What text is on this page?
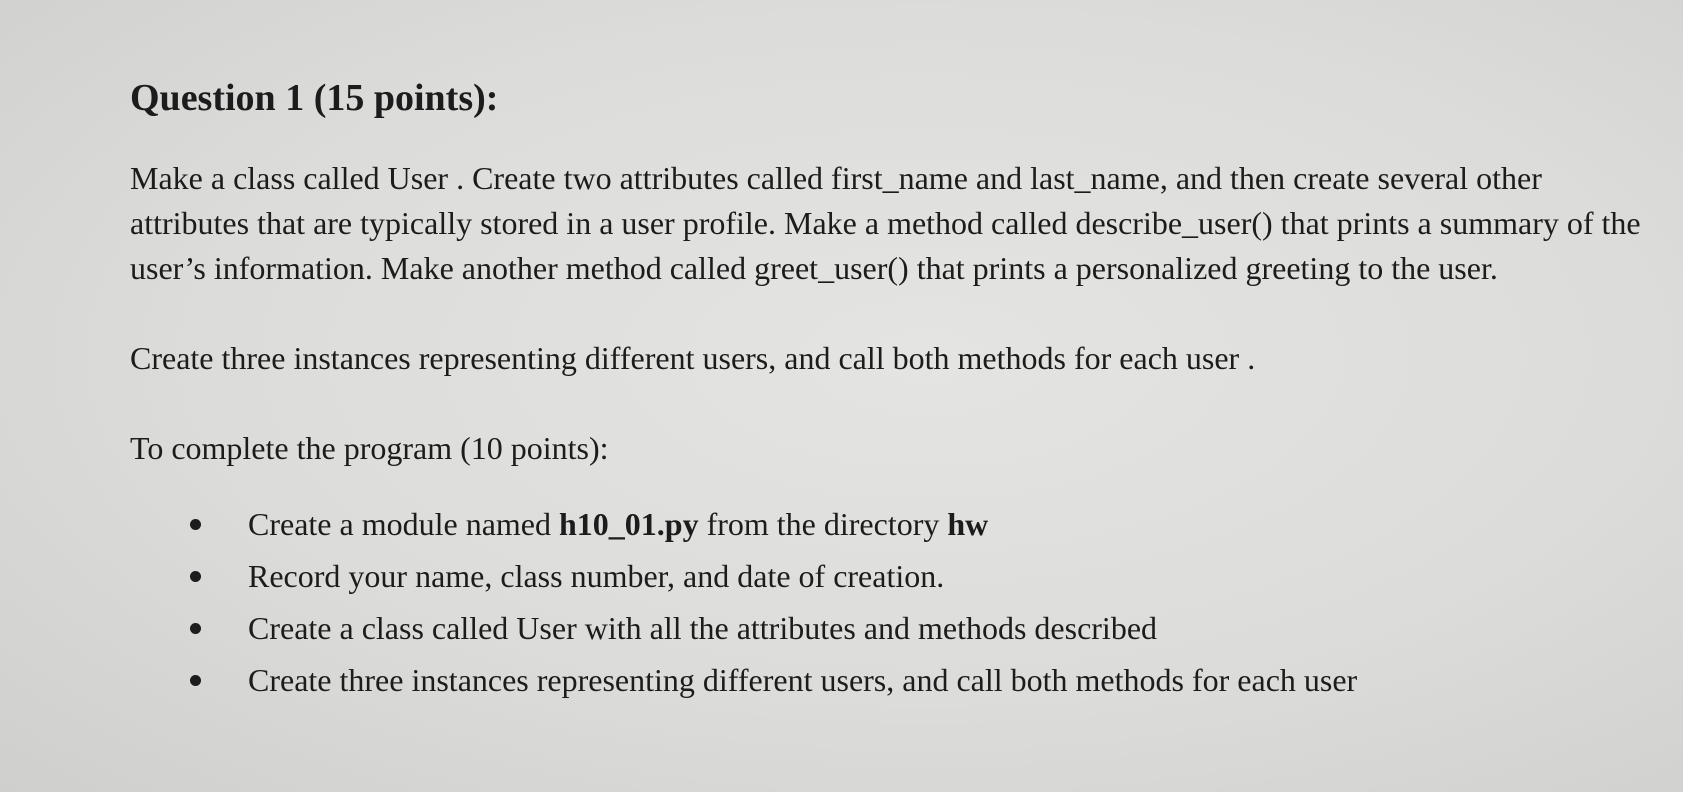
Question 1 (15 points):

Make a class called User . Create two attributes called first_name and last_name, and then create several other attributes that are typically stored in a user profile. Make a method called describe_user() that prints a summary of the user’s information. Make another method called greet_user() that prints a personalized greeting to the user.

Create three instances representing different users, and call both methods for each user .

To complete the program (10 points):

Create a module named h10_01.py from the directory hw
Record your name, class number, and date of creation.
Create a class called User with all the attributes and methods described
Create three instances representing different users, and call both methods for each user
